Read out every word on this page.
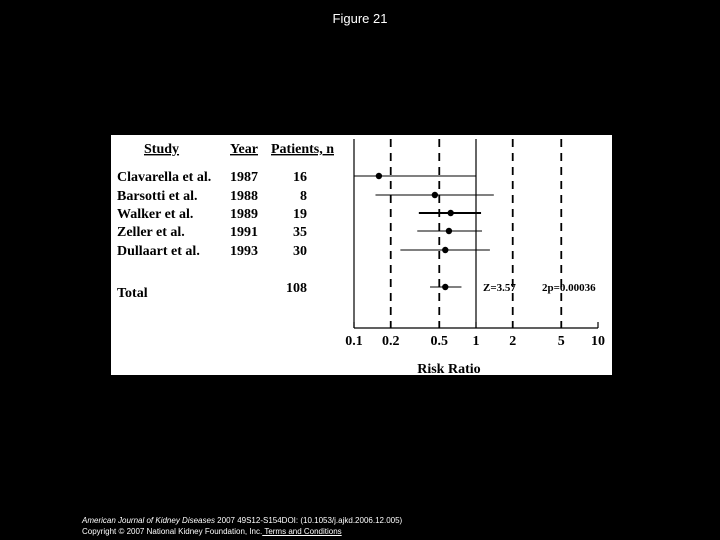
Figure 21
Study	Year Patients, n
Clavarella et al. 1987	16
Barsotti et al. 1988	8
Walker et al.	1989	19
Zeller et al.	1991	35
Dullaart et al. 1993	30
Total	108
0.1 0.2 0.5 1 2	5 10
Risk Ratio
Z=3.57 2p=0.00036
American Journal of Kidney Diseases 2007 49S12-S154DOI: (10.1053/j.ajkd.2006.12.005)
Copyright © 2007 National Kidney Foundation, Inc. Terms and Conditions
